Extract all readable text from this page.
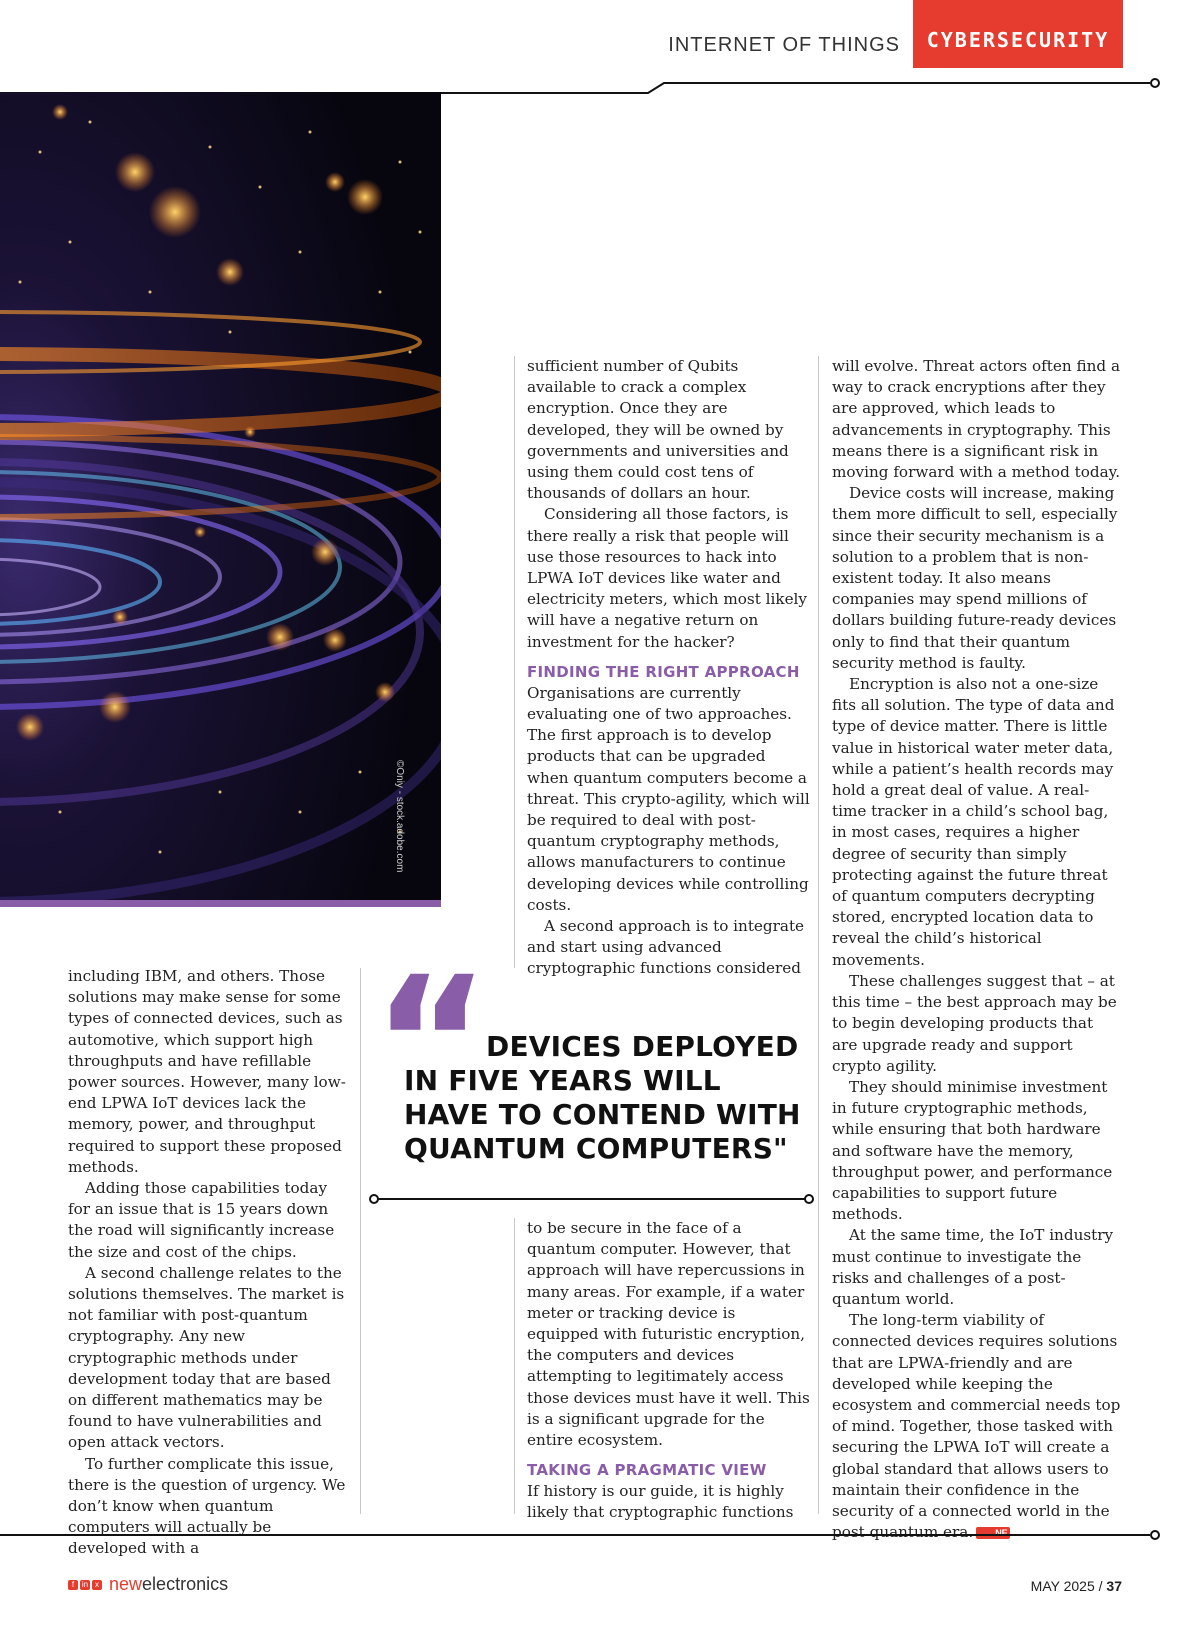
INTERNET OF THINGS CYBERSECURITY
©Oniy - stock.adobe.com

including IBM, and others. Those solutions may make sense for some types of connected devices, such as automotive, which support high throughputs and have refillable power sources. However, many low-end LPWA IoT devices lack the memory, power, and throughput required to support these proposed methods.

Adding those capabilities today for an issue that is 15 years down the road will significantly increase the size and cost of the chips.

A second challenge relates to the solutions themselves. The market is not familiar with post-quantum cryptography. Any new cryptographic methods under development today that are based on different mathematics may be found to have vulnerabilities and open attack vectors.

To further complicate this issue, there is the question of urgency. We don’t know when quantum computers will actually be developed with a

sufficient number of Qubits available to crack a complex encryption. Once they are developed, they will be owned by governments and universities and using them could cost tens of thousands of dollars an hour.

Considering all those factors, is there really a risk that people will use those resources to hack into LPWA IoT devices like water and electricity meters, which most likely will have a negative return on investment for the hacker?

FINDING THE RIGHT APPROACH

Organisations are currently evaluating one of two approaches. The first approach is to develop products that can be upgraded when quantum computers become a threat. This crypto-agility, which will be required to deal with post-quantum cryptography methods, allows manufacturers to continue developing devices while controlling costs.

A second approach is to integrate and start using advanced cryptographic functions considered

“ DEVICES DEPLOYED
IN FIVE YEARS WILL HAVE TO CONTEND WITH QUANTUM COMPUTERS"

to be secure in the face of a quantum computer. However, that approach will have repercussions in many areas. For example, if a water meter or tracking device is equipped with futuristic encryption, the computers and devices attempting to legitimately access those devices must have it well. This is a significant upgrade for the entire ecosystem.

TAKING A PRAGMATIC VIEW

If history is our guide, it is highly likely that cryptographic functions

will evolve. Threat actors often find a way to crack encryptions after they are approved, which leads to advancements in cryptography. This means there is a significant risk in moving forward with a method today.

Device costs will increase, making them more difficult to sell, especially since their security mechanism is a solution to a problem that is non-existent today. It also means companies may spend millions of dollars building future-ready devices only to find that their quantum security method is faulty.

Encryption is also not a one-size fits all solution. The type of data and type of device matter. There is little value in historical water meter data, while a patient’s health records may hold a great deal of value. A real-time tracker in a child’s school bag, in most cases, requires a higher degree of security than simply protecting against the future threat of quantum computers decrypting stored, encrypted location data to reveal the child’s historical movements.

These challenges suggest that – at this time – the best approach may be to begin developing products that are upgrade ready and support crypto agility.

They should minimise investment in future cryptographic methods, while ensuring that both hardware and software have the memory, throughput power, and performance capabilities to support future methods.

At the same time, the IoT industry must continue to investigate the risks and challenges of a post-quantum world.

The long-term viability of connected devices requires solutions that are LPWA-friendly and are developed while keeping the ecosystem and commercial needs top of mind. Together, those tasked with securing the LPWA IoT will create a global standard that allows users to maintain their confidence in the security of a connected world in the post quantum era. NE

f in x newelectronics	MAY 2025 / 37
